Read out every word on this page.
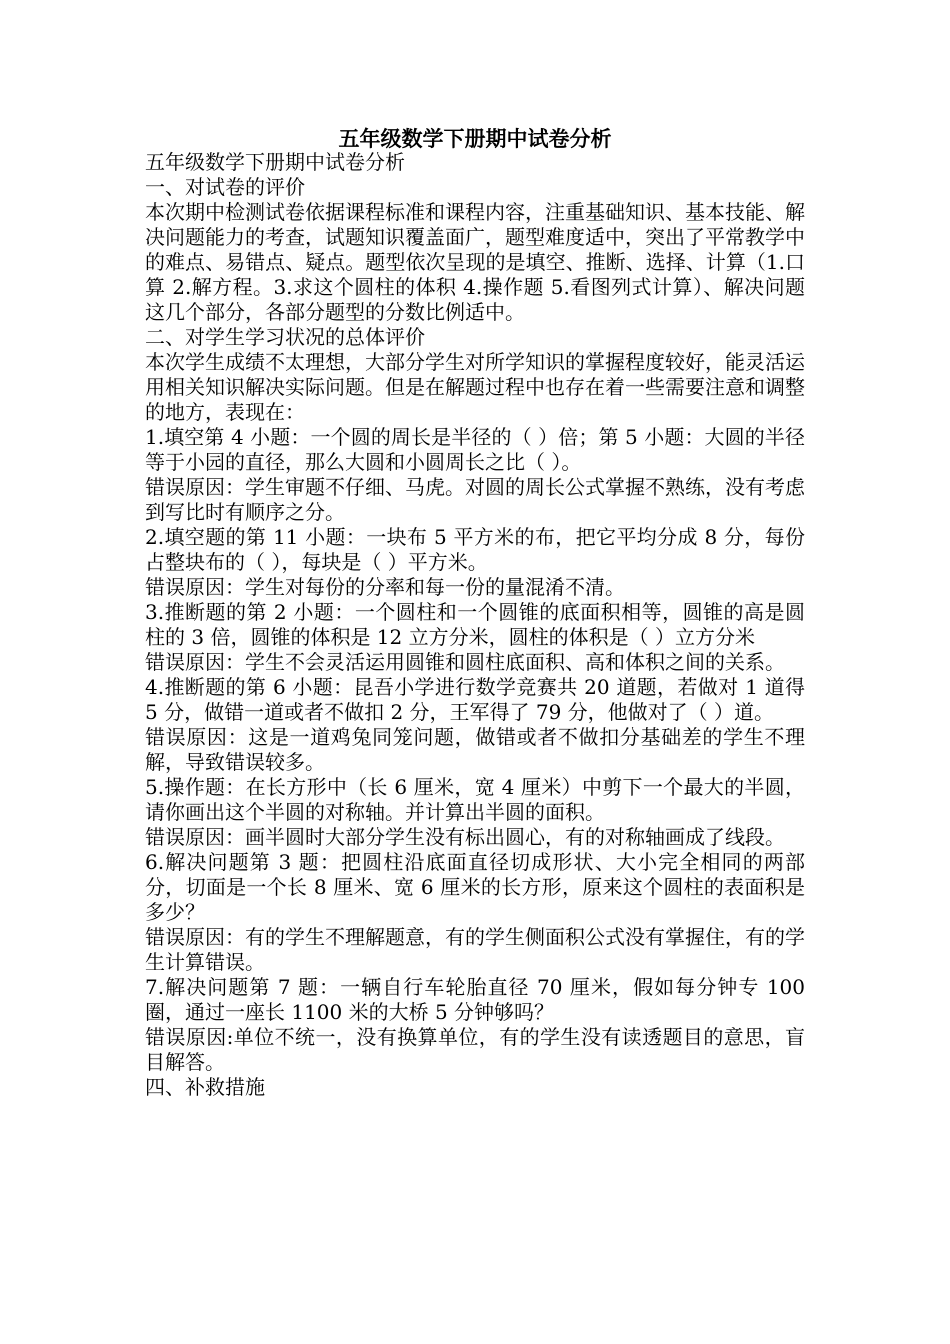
五年级数学下册期中试卷分析

五年级数学下册期中试卷分析

一、对试卷的评价

本次期中检测试卷依据课程标准和课程内容，注重基础知识、基本技能、解决问题能力的考查，试题知识覆盖面广，题型难度适中，突出了平常教学中的难点、易错点、疑点。题型依次呈现的是填空、推断、选择、计算（1.口算 2.解方程。3.求这个圆柱的体积 4.操作题 5.看图列式计算）、解决问题这几个部分，各部分题型的分数比例适中。

二、对学生学习状况的总体评价

本次学生成绩不太理想，大部分学生对所学知识的掌握程度较好，能灵活运用相关知识解决实际问题。但是在解题过程中也存在着一些需要注意和调整的地方，表现在：

1.填空第 4 小题：一个圆的周长是半径的（ ）倍；第 5 小题：大圆的半径等于小园的直径，那么大圆和小圆周长之比（ ）。

错误原因：学生审题不仔细、马虎。对圆的周长公式掌握不熟练，没有考虑到写比时有顺序之分。

2.填空题的第 11 小题：一块布 5 平方米的布，把它平均分成 8 分，每份占整块布的（ ），每块是（ ）平方米。

错误原因：学生对每份的分率和每一份的量混淆不清。

3.推断题的第 2 小题：一个圆柱和一个圆锥的底面积相等，圆锥的高是圆柱的 3 倍，圆锥的体积是 12 立方分米，圆柱的体积是（ ）立方分米

错误原因：学生不会灵活运用圆锥和圆柱底面积、高和体积之间的关系。

4.推断题的第 6 小题：昆吾小学进行数学竞赛共 20 道题，若做对 1 道得 5 分，做错一道或者不做扣 2 分，王军得了 79 分，他做对了（ ）道。

错误原因：这是一道鸡兔同笼问题，做错或者不做扣分基础差的学生不理解，导致错误较多。

5.操作题：在长方形中（长 6 厘米，宽 4 厘米）中剪下一个最大的半圆，请你画出这个半圆的对称轴。并计算出半圆的面积。

错误原因：画半圆时大部分学生没有标出圆心，有的对称轴画成了线段。

6.解决问题第 3 题：把圆柱沿底面直径切成形状、大小完全相同的两部分，切面是一个长 8 厘米、宽 6 厘米的长方形，原来这个圆柱的表面积是多少？

错误原因：有的学生不理解题意，有的学生侧面积公式没有掌握住，有的学生计算错误。

7.解决问题第 7 题：一辆自行车轮胎直径 70 厘米，假如每分钟专 100 圈，通过一座长 1100 米的大桥 5 分钟够吗？

错误原因:单位不统一，没有换算单位，有的学生没有读透题目的意思，盲目解答。

四、补救措施
